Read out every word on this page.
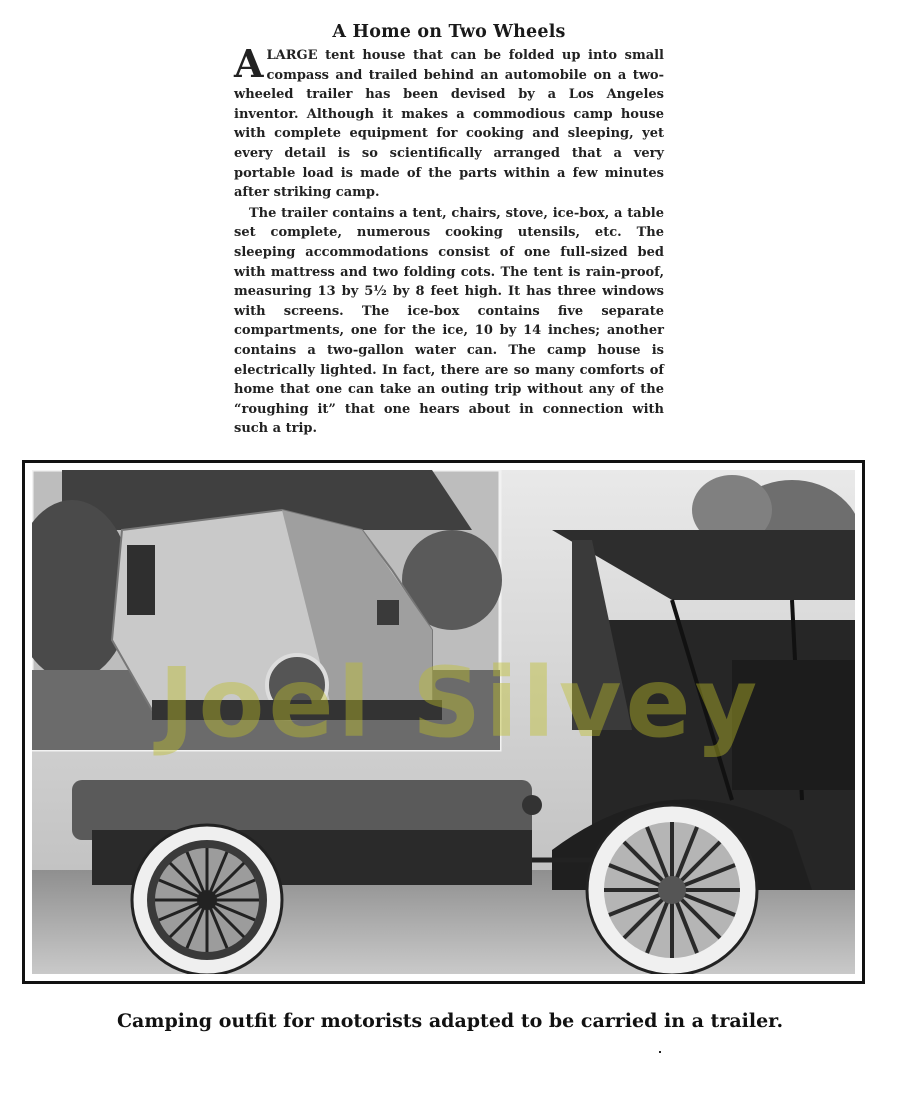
A Home on Two Wheels

ALARGE tent house that can be folded up into small compass and trailed behind an automobile on a two-wheeled trailer has been devised by a Los Angeles inventor. Although it makes a commodious camp house with complete equipment for cooking and sleeping, yet every detail is so scientifically arranged that a very portable load is made of the parts within a few minutes after striking camp.

The trailer contains a tent, chairs, stove, ice-box, a table set complete, numerous cooking utensils, etc. The sleeping accommodations consist of one full-sized bed with mattress and two folding cots. The tent is rain-proof, measuring 13 by 5½ by 8 feet high. It has three windows with screens. The ice-box contains five separate compartments, one for the ice, 10 by 14 inches; another contains a two-gallon water can. The camp house is electrically lighted. In fact, there are so many comforts of home that one can take an outing trip without any of the “roughing it” that one hears about in connection with such a trip.

Joel Silvey
Camping outfit for motorists adapted to be carried in a trailer.
